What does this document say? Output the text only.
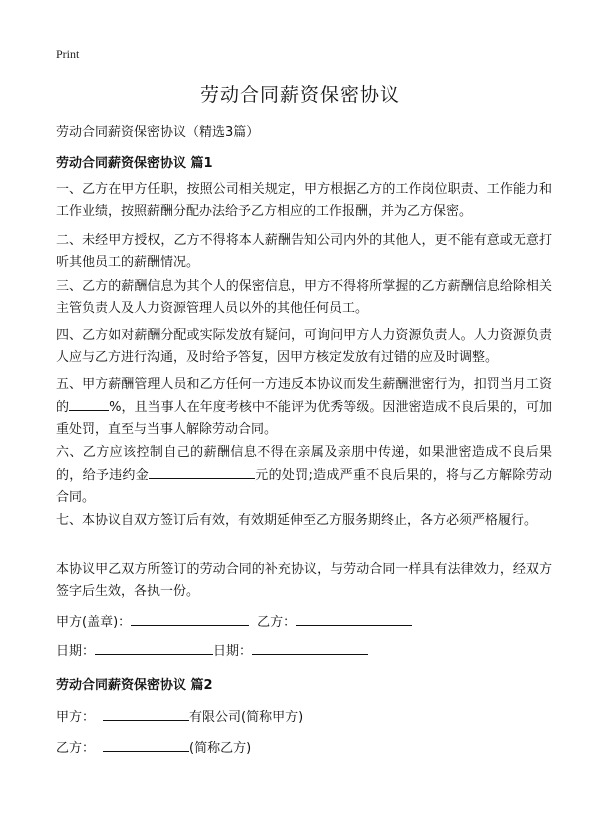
Print
劳动合同薪资保密协议
劳动合同薪资保密协议（精选3篇）
劳动合同薪资保密协议 篇1

一、乙方在甲方任职，按照公司相关规定，甲方根据乙方的工作岗位职责、工作能力和工作业绩，按照薪酬分配办法给予乙方相应的工作报酬，并为乙方保密。

二、未经甲方授权，乙方不得将本人薪酬告知公司内外的其他人，更不能有意或无意打听其他员工的薪酬情况。

三、乙方的薪酬信息为其个人的保密信息，甲方不得将所掌握的乙方薪酬信息给除相关主管负责人及人力资源管理人员以外的其他任何员工。

四、乙方如对薪酬分配或实际发放有疑问，可询问甲方人力资源负责人。人力资源负责人应与乙方进行沟通，及时给予答复，因甲方核定发放有过错的应及时调整。

五、甲方薪酬管理人员和乙方任何一方违反本协议而发生薪酬泄密行为，扣罚当月工资的	%，且当事人在年度考核中不能评为优秀等级。因泄密造成不良后果的，可加重处罚，直至与当事人解除劳动合同。

六、乙方应该控制自己的薪酬信息不得在亲属及亲朋中传递，如果泄密造成不良后果的，给予违约金	元的处罚;造成严重不良后果的，将与乙方解除劳动合同。

七、本协议自双方签订后有效，有效期延伸至乙方服务期终止，各方必须严格履行。

本协议甲乙双方所签订的劳动合同的补充协议，与劳动合同一样具有法律效力，经双方签字后生效，各执一份。

甲方(盖章)：	乙方：
日期：	日期：
劳动合同薪资保密协议 篇2
甲方：	有限公司(简称甲方)
乙方：	(简称乙方)
